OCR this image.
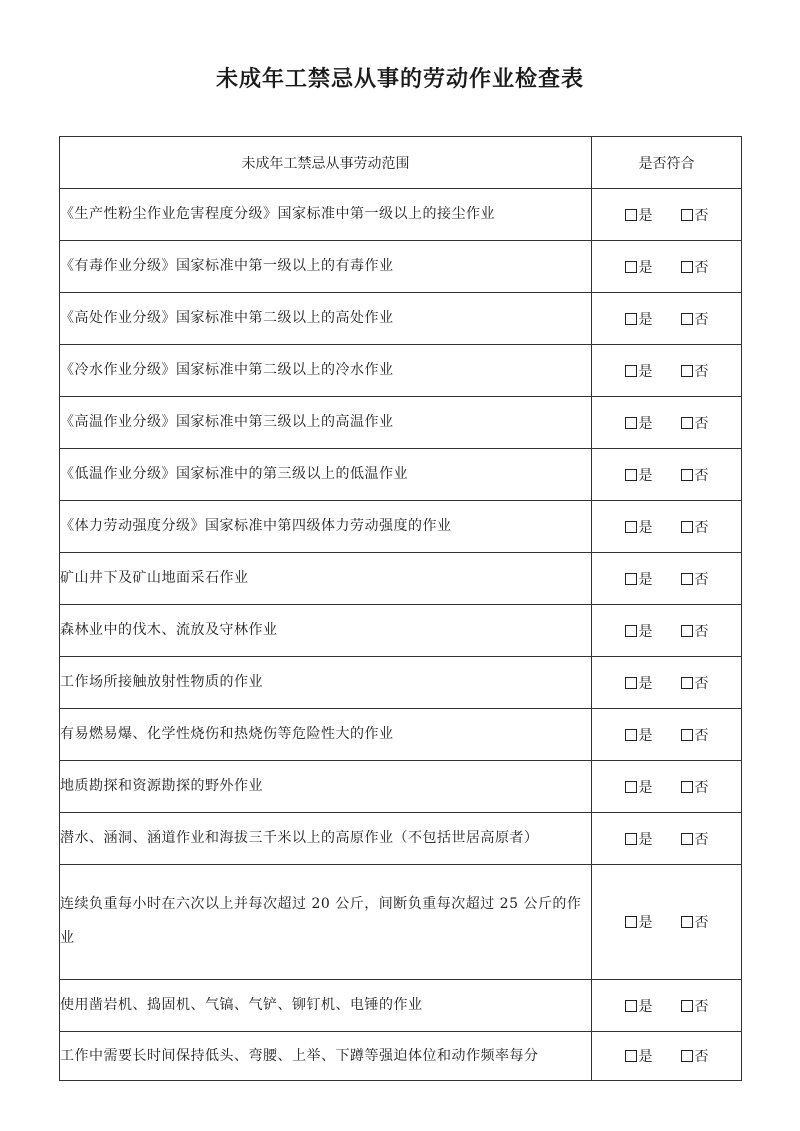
未成年工禁忌从事的劳动作业检查表
未成年工禁忌从事劳动范围	是否符合
《生产性粉尘作业危害程度分级》国家标准中第一级以上的接尘作业	是 否
《有毒作业分级》国家标准中第一级以上的有毒作业	是 否
《高处作业分级》国家标准中第二级以上的高处作业	是 否
《冷水作业分级》国家标准中第二级以上的冷水作业	是 否
《高温作业分级》国家标准中第三级以上的高温作业	是 否
《低温作业分级》国家标准中的第三级以上的低温作业	是 否
《体力劳动强度分级》国家标准中第四级体力劳动强度的作业	是 否
矿山井下及矿山地面采石作业	是 否
森林业中的伐木、流放及守林作业	是 否
工作场所接触放射性物质的作业	是 否
有易燃易爆、化学性烧伤和热烧伤等危险性大的作业	是 否
地质勘探和资源勘探的野外作业	是 否
潜水、涵洞、涵道作业和海拔三千米以上的高原作业（不包括世居高原者）	是 否
连续负重每小时在六次以上并每次超过 20 公斤，间断负重每次超过 25 公斤的作业	是 否
使用凿岩机、捣固机、气镐、气铲、铆钉机、电锤的作业	是 否
工作中需要长时间保持低头、弯腰、上举、下蹲等强迫体位和动作频率每分	是 否
